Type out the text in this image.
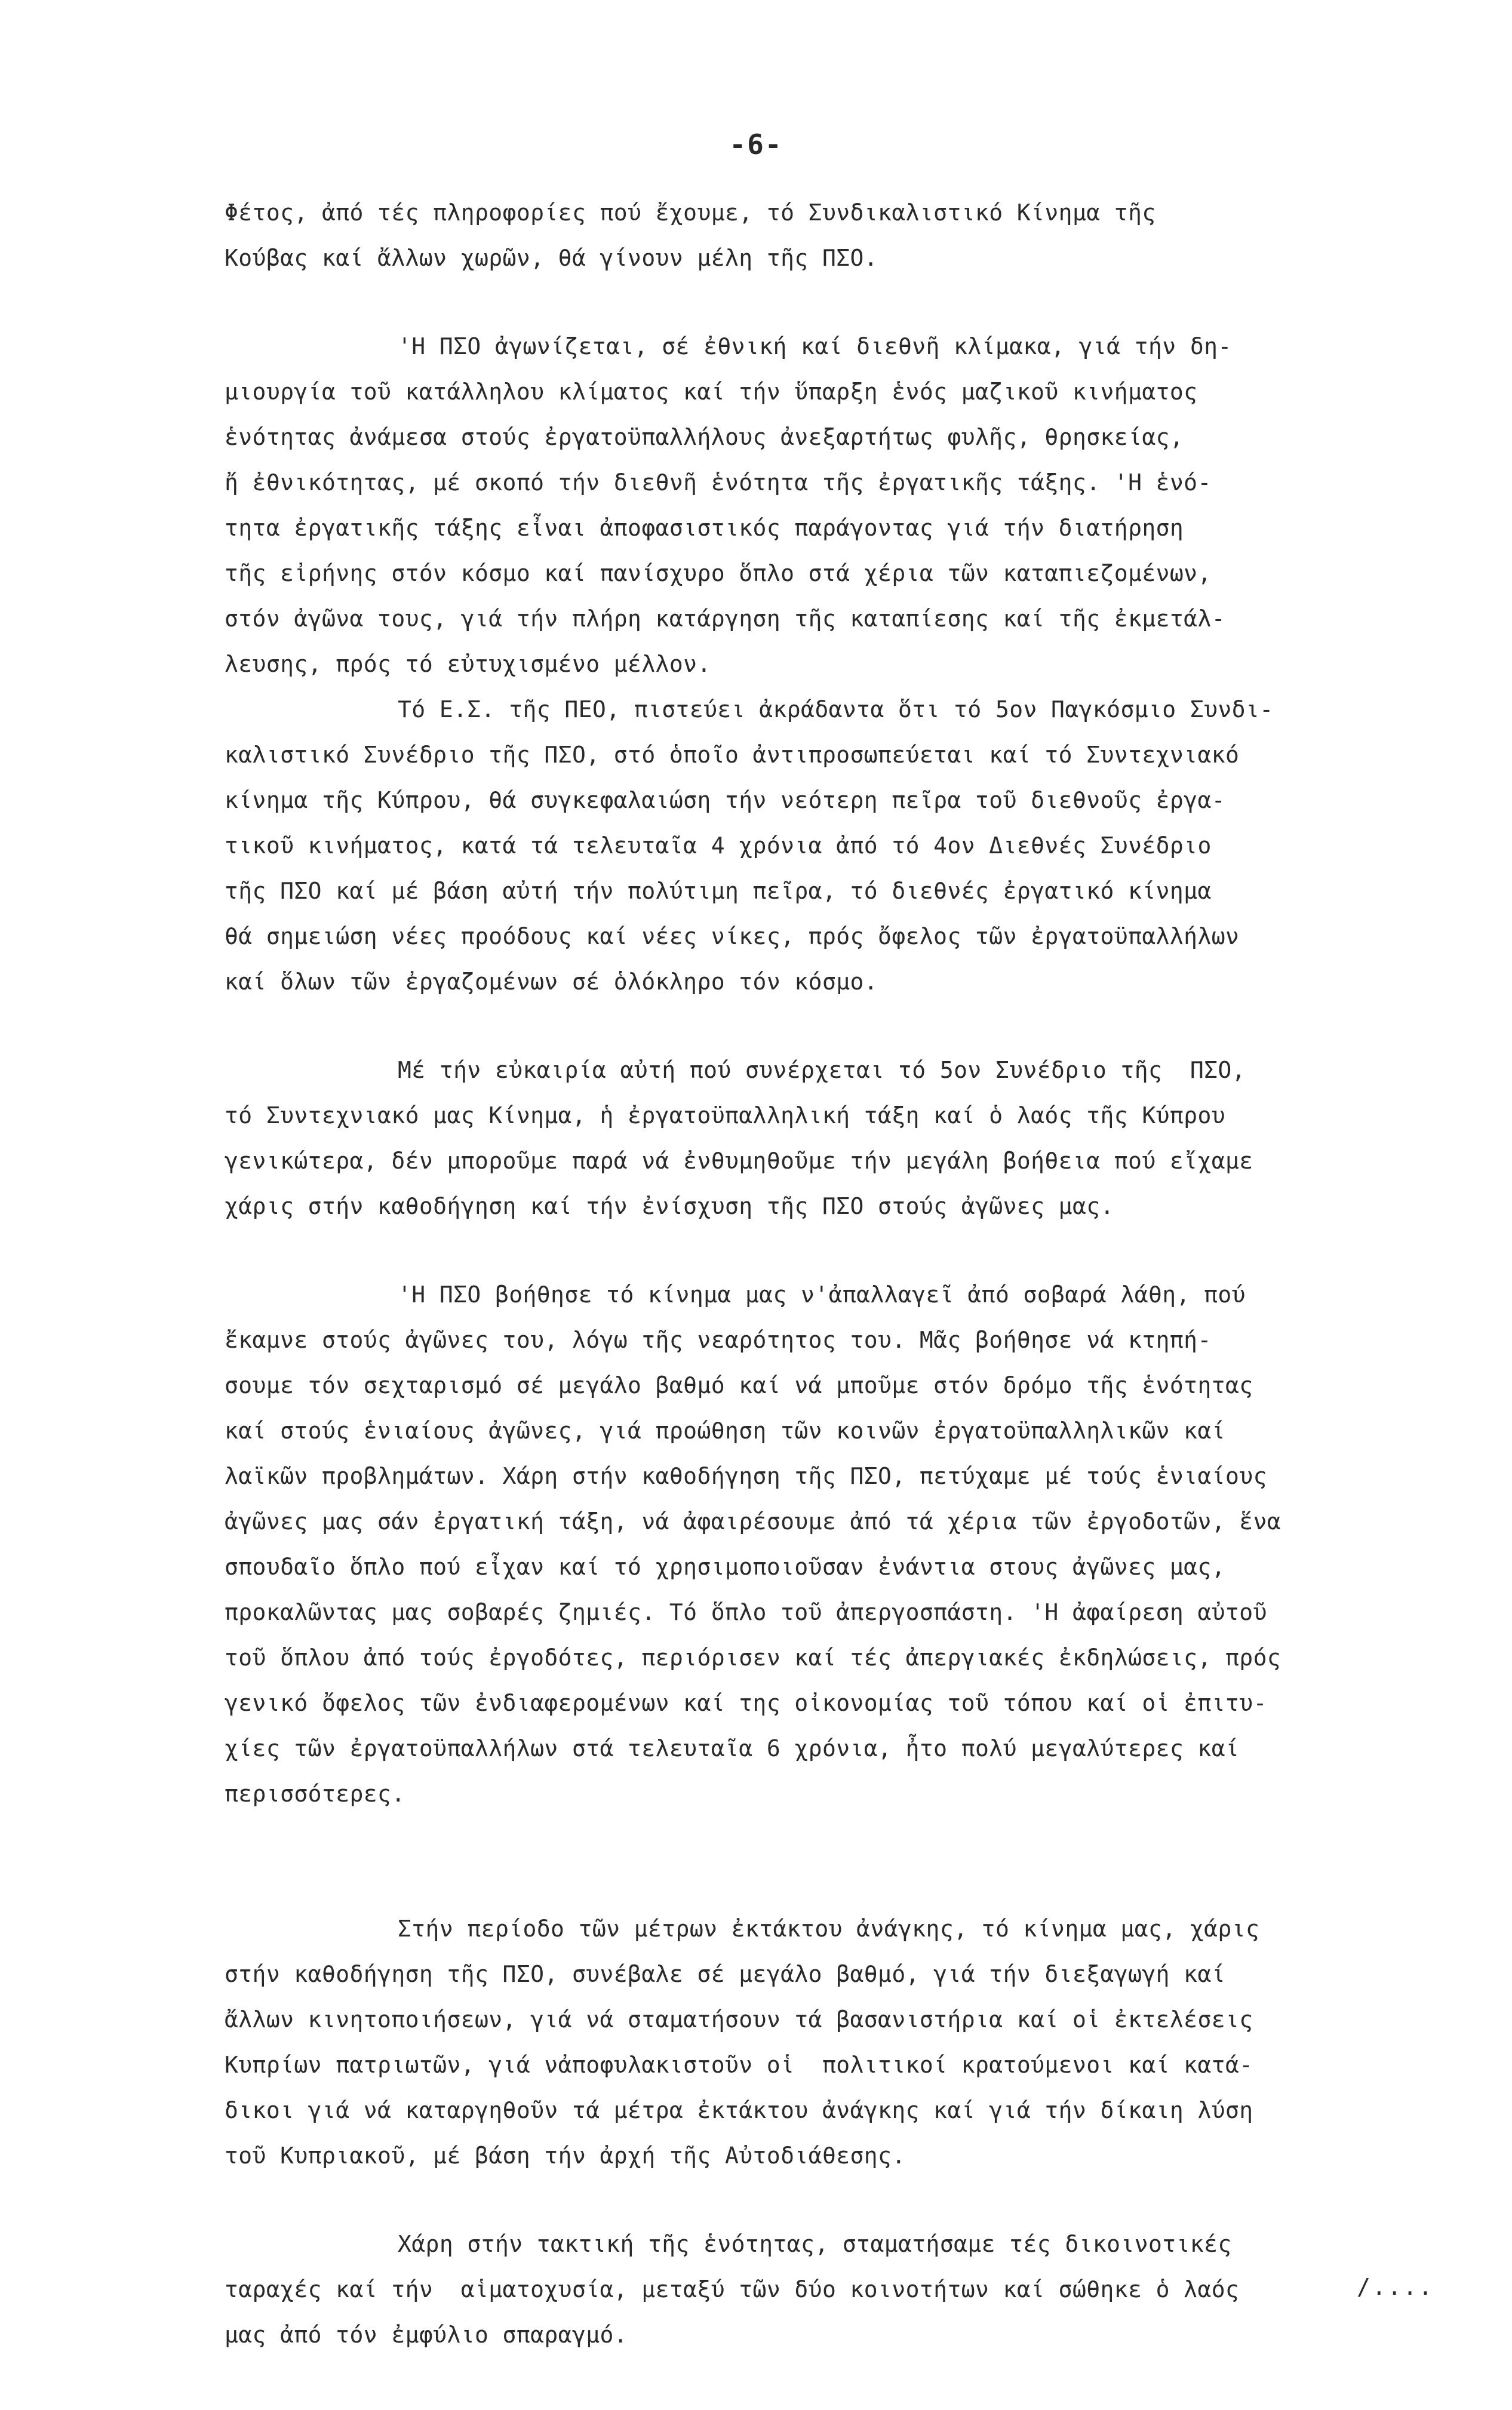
-6-
Φέτος, ἀπό τές πληροφορίες πού ἔχουμε, τό Συνδικαλιστικό Κίνημα τῆς
Κούβας καί ἄλλων χωρῶν, θά γίνουν μέλη τῆς ΠΣΟ.
'Η ΠΣΟ ἀγωνίζεται, σέ ἐθνική καί διεθνῆ κλίμακα, γιά τήν δη-
μιουργία τοῦ κατάλληλου κλίματος καί τήν ὕπαρξη ἑνός μαζικοῦ κινήματος
ἑνότητας ἀνάμεσα στούς ἐργατοϋπαλλήλους ἀνεξαρτήτως φυλῆς, θρησκείας,
ἤ ἐθνικότητας, μέ σκοπό τήν διεθνῆ ἑνότητα τῆς ἐργατικῆς τάξης. 'Η ἑνό-
τητα ἐργατικῆς τάξης εἶναι ἀποφασιστικός παράγοντας γιά τήν διατήρηση
τῆς εἰρήνης στόν κόσμο καί πανίσχυρο ὅπλο στά χέρια τῶν καταπιεζομένων,
στόν ἀγῶνα τους, γιά τήν πλήρη κατάργηση τῆς καταπίεσης καί τῆς ἐκμετάλ-
λευσης, πρός τό εὐτυχισμένο μέλλον.
Τό Ε.Σ. τῆς ΠΕΟ, πιστεύει ἀκράδαντα ὅτι τό 5ον Παγκόσμιο Συνδι-
καλιστικό Συνέδριο τῆς ΠΣΟ, στό ὁποῖο ἀντιπροσωπεύεται καί τό Συντεχνιακό
κίνημα τῆς Κύπρου, θά συγκεφαλαιώση τήν νεότερη πεῖρα τοῦ διεθνοῦς ἐργα-
τικοῦ κινήματος, κατά τά τελευταῖα 4 χρόνια ἀπό τό 4ον Διεθνές Συνέδριο
τῆς ΠΣΟ καί μέ βάση αὐτή τήν πολύτιμη πεῖρα, τό διεθνές ἐργατικό κίνημα
θά σημειώση νέες προόδους καί νέες νίκες, πρός ὄφελος τῶν ἐργατοϋπαλλήλων
καί ὅλων τῶν ἐργαζομένων σέ ὁλόκληρο τόν κόσμο.
Μέ τήν εὐκαιρία αὐτή πού συνέρχεται τό 5ον Συνέδριο τῆς  ΠΣΟ,
τό Συντεχνιακό μας Κίνημα, ἡ ἐργατοϋπαλληλική τάξη καί ὁ λαός τῆς Κύπρου
γενικώτερα, δέν μποροῦμε παρά νά ἐνθυμηθοῦμε τήν μεγάλη βοήθεια πού εἴχαμε
χάρις στήν καθοδήγηση καί τήν ἐνίσχυση τῆς ΠΣΟ στούς ἀγῶνες μας.
'Η ΠΣΟ βοήθησε τό κίνημα μας ν'ἀπαλλαγεῖ ἀπό σοβαρά λάθη, πού
ἔκαμνε στούς ἀγῶνες του, λόγω τῆς νεαρότητος του. Μᾶς βοήθησε νά κτηπή-
σουμε τόν σεχταρισμό σέ μεγάλο βαθμό καί νά μποῦμε στόν δρόμο τῆς ἑνότητας
καί στούς ἑνιαίους ἀγῶνες, γιά προώθηση τῶν κοινῶν ἐργατοϋπαλληλικῶν καί
λαϊκῶν προβλημάτων. Χάρη στήν καθοδήγηση τῆς ΠΣΟ, πετύχαμε μέ τούς ἑνιαίους
ἀγῶνες μας σάν ἐργατική τάξη, νά ἀφαιρέσουμε ἀπό τά χέρια τῶν ἐργοδοτῶν, ἕνα
σπουδαῖο ὅπλο πού εἶχαν καί τό χρησιμοποιοῦσαν ἐνάντια στους ἀγῶνες μας,
προκαλῶντας μας σοβαρές ζημιές. Τό ὅπλο τοῦ ἀπεργοσπάστη. 'Η ἀφαίρεση αὐτοῦ
τοῦ ὅπλου ἀπό τούς ἐργοδότες, περιόρισεν καί τές ἀπεργιακές ἐκδηλώσεις, πρός
γενικό ὄφελος τῶν ἐνδιαφερομένων καί της οἰκονομίας τοῦ τόπου καί οἱ ἐπιτυ-
χίες τῶν ἐργατοϋπαλλήλων στά τελευταῖα 6 χρόνια, ἦτο πολύ μεγαλύτερες καί
περισσότερες.
Στήν περίοδο τῶν μέτρων ἐκτάκτου ἀνάγκης, τό κίνημα μας, χάρις
στήν καθοδήγηση τῆς ΠΣΟ, συνέβαλε σέ μεγάλο βαθμό, γιά τήν διεξαγωγή καί
ἄλλων κινητοποιήσεων, γιά νά σταματήσουν τά βασανιστήρια καί οἱ ἐκτελέσεις
Κυπρίων πατριωτῶν, γιά νἀποφυλακιστοῦν οἱ  πολιτικοί κρατούμενοι καί κατά-
δικοι γιά νά καταργηθοῦν τά μέτρα ἐκτάκτου ἀνάγκης καί γιά τήν δίκαιη λύση
τοῦ Κυπριακοῦ, μέ βάση τήν ἀρχή τῆς Αὐτοδιάθεσης.
Χάρη στήν τακτική τῆς ἑνότητας, σταματήσαμε τές δικοινοτικές
ταραχές καί τήν  αἱματοχυσία, μεταξύ τῶν δύο κοινοτήτων καί σώθηκε ὁ λαός
μας ἀπό τόν ἐμφύλιο σπαραγμό.
/....
